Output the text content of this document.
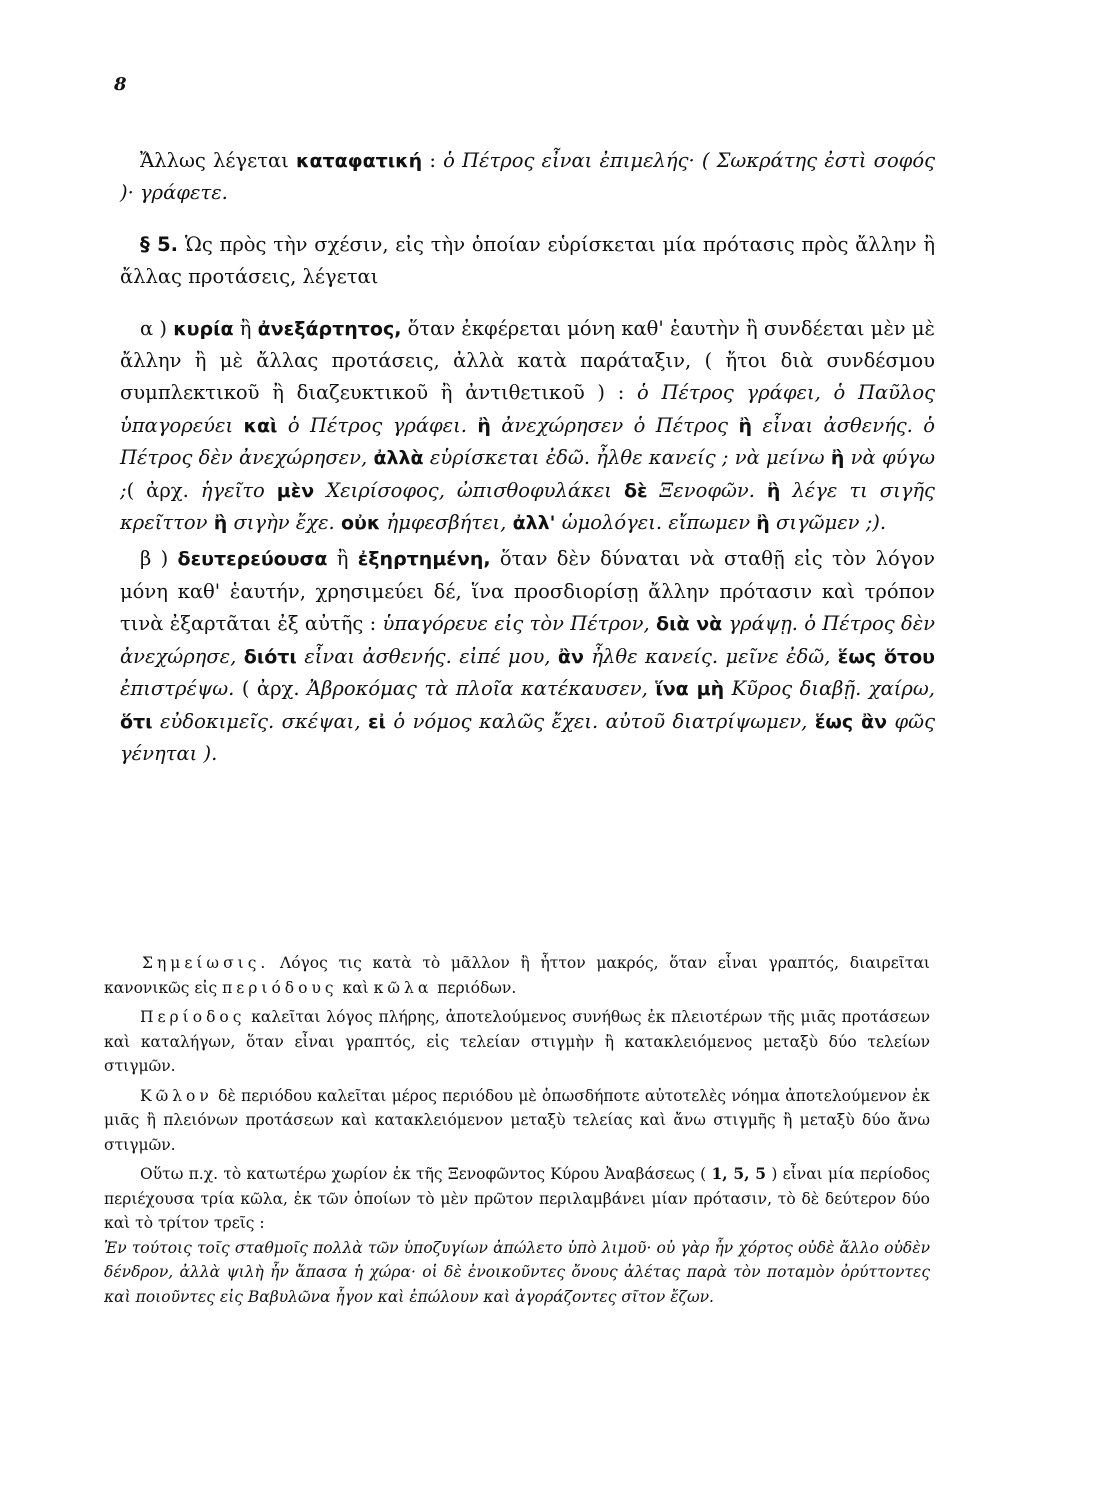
8

Ἄλλως λέγεται καταφατική : ὁ Πέτρος εἶναι ἐπιμελής· ( Σωκράτης ἐστὶ σοφός )· γράφετε.

§ 5. Ὡς πρὸς τὴν σχέσιν, εἰς τὴν ὁποίαν εὑρίσκεται μία πρότασις πρὸς ἄλλην ἢ ἄλλας προτάσεις, λέγεται

α ) κυρία ἢ ἀνεξάρτητος, ὅταν ἐκφέρεται μόνη καθ' ἑαυτὴν ἢ συνδέεται μὲν μὲ ἄλλην ἢ μὲ ἄλλας προτάσεις, ἀλλὰ κατὰ παράταξιν, ( ἤτοι διὰ συνδέσμου συμπλεκτικοῦ ἢ διαζευκτικοῦ ἢ ἀντιθετικοῦ ) : ὁ Πέτρος γράφει, ὁ Παῦλος ὑπαγορεύει καὶ ὁ Πέτρος γράφει. ἢ ἀνεχώρησεν ὁ Πέτρος ἢ εἶναι ἀσθενής. ὁ Πέτρος δὲν ἀνεχώρησεν, ἀλλὰ εὑρίσκεται ἐδῶ. ἦλθε κανείς ; νὰ μείνω ἢ νὰ φύγω ;( ἀρχ. ἡγεῖτο μὲν Χειρίσοφος, ὠπισθοφυλάκει δὲ Ξενοφῶν. ἢ λέγε τι σιγῆς κρεῖττον ἢ σιγὴν ἔχε. οὐκ ἠμφεσβήτει, ἀλλ' ὡμολόγει. εἴπωμεν ἢ σιγῶμεν ;).

β ) δευτερεύουσα ἢ ἐξηρτημένη, ὅταν δὲν δύναται νὰ σταθῇ εἰς τὸν λόγον μόνη καθ' ἑαυτήν, χρησιμεύει δέ, ἵνα προσδιορίσῃ ἄλλην πρότασιν καὶ τρόπον τινὰ ἐξαρτᾶται ἐξ αὐτῆς : ὑπαγόρευε εἰς τὸν Πέτρον, διὰ νὰ γράψῃ. ὁ Πέτρος δὲν ἀνεχώρησε, διότι εἶναι ἀσθενής. εἰπέ μου, ἂν ἦλθε κανείς. μεῖνε ἐδῶ, ἕως ὅτου ἐπιστρέψω. ( ἀρχ. Ἀβροκόμας τὰ πλοῖα κατέκαυσεν, ἵνα μὴ Κῦρος διαβῇ. χαίρω, ὅτι εὐδοκιμεῖς. σκέψαι, εἰ ὁ νόμος καλῶς ἔχει. αὐτοῦ διατρίψωμεν, ἕως ἂν φῶς γένηται ).

Σημείωσις. Λόγος τις κατὰ τὸ μᾶλλον ἢ ἧττον μακρός, ὅταν εἶναι γραπτός, διαιρεῖται κανονικῶς εἰς περιόδους καὶ κῶλα περιόδων.

Περίοδος καλεῖται λόγος πλήρης, ἀποτελούμενος συνήθως ἐκ πλειοτέρων τῆς μιᾶς προτάσεων καὶ καταλήγων, ὅταν εἶναι γραπτός, εἰς τελείαν στιγμὴν ἢ κατακλειόμενος μεταξὺ δύο τελείων στιγμῶν.

Κῶλον δὲ περιόδου καλεῖται μέρος περιόδου μὲ ὁπωσδήποτε αὐτοτελὲς νόημα ἀποτελούμενον ἐκ μιᾶς ἢ πλειόνων προτάσεων καὶ κατακλειόμενον μεταξὺ τελείας καὶ ἄνω στιγμῆς ἢ μεταξὺ δύο ἄνω στιγμῶν.

Οὕτω π.χ. τὸ κατωτέρω χωρίον ἐκ τῆς Ξενοφῶντος Κύρου Ἀναβάσεως ( 1, 5, 5 ) εἶναι μία περίοδος περιέχουσα τρία κῶλα, ἐκ τῶν ὁποίων τὸ μὲν πρῶτον περιλαμβάνει μίαν πρότασιν, τὸ δὲ δεύτερον δύο καὶ τὸ τρίτον τρεῖς :

Ἐν τούτοις τοῖς σταθμοῖς πολλὰ τῶν ὑποζυγίων ἀπώλετο ὑπὸ λιμοῦ· οὐ γὰρ ἦν χόρτος οὐδὲ ἄλλο οὐδὲν δένδρον, ἀλλὰ ψιλὴ ἦν ἅπασα ἡ χώρα· οἱ δὲ ἐνοικοῦντες ὄνους ἀλέτας παρὰ τὸν ποταμὸν ὀρύττοντες καὶ ποιοῦντες εἰς Βαβυλῶνα ἦγον καὶ ἐπώλουν καὶ ἀγοράζοντες σῖτον ἔζων.
